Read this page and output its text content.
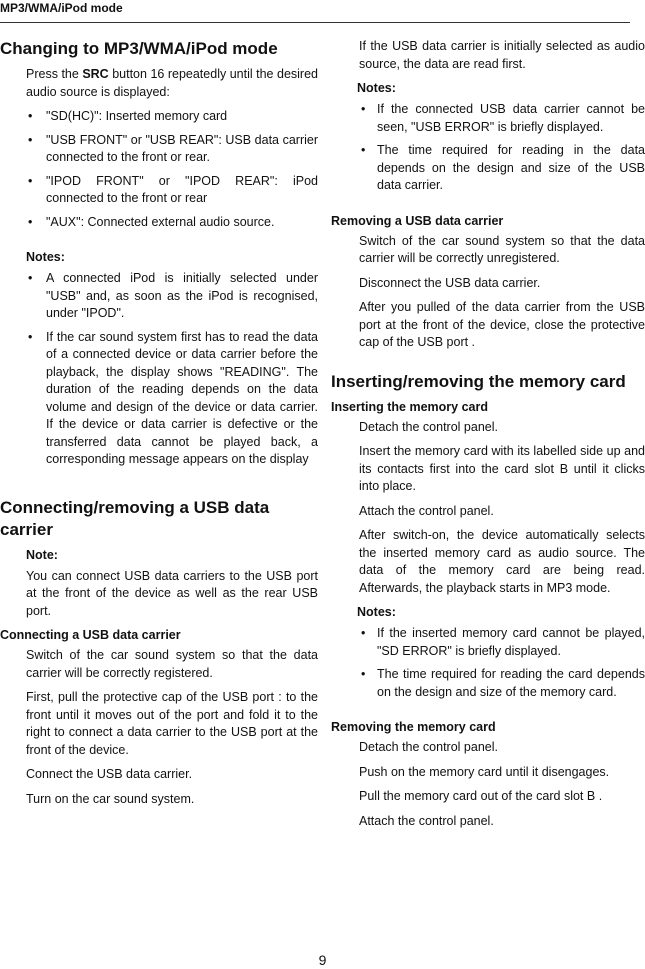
MP3/WMA/iPod mode
Changing to MP3/WMA/iPod mode
Press the SRC button 16 repeatedly until the desired audio source is displayed:
• "SD(HC)": Inserted memory card
• "USB FRONT" or "USB REAR": USB data carrier connected to the front or rear.
• "IPOD FRONT" or "IPOD REAR": iPod connected to the front or rear
• "AUX": Connected external audio source.
Notes:
• A connected iPod is initially selected under "USB" and, as soon as the iPod is recognised, under "IPOD".
• If the car sound system first has to read the data of a connected device or data carrier before the playback, the display shows "READING". The duration of the reading depends on the data volume and design of the device or data carrier. If the device or data carrier is defective or the transferred data cannot be played back, a corresponding message appears on the display
Connecting/removing a USB data carrier
Note:
You can connect USB data carriers to the USB port at the front of the device as well as the rear USB port.
Connecting a USB data carrier
Switch of the car sound system so that the data carrier will be correctly registered.
First, pull the protective cap of the USB port : to the front until it moves out of the port and fold it to the right to connect a data carrier to the USB port at the front of the device.
Connect the USB data carrier.
Turn on the car sound system.
If the USB data carrier is initially selected as audio source, the data are read first.
Notes:
• If the connected USB data carrier cannot be seen, "USB ERROR" is briefly displayed.
• The time required for reading in the data depends on the design and size of the USB data carrier.
Removing a USB data carrier
Switch of the car sound system so that the data carrier will be correctly unregistered.
Disconnect the USB data carrier.
After you pulled of the data carrier from the USB port at the front of the device, close the protective cap of the USB port .
Inserting/removing the memory card
Inserting the memory card
Detach the control panel.
Insert the memory card with its labelled side up and its contacts first into the card slot B until it clicks into place.
Attach the control panel.
After switch-on, the device automatically selects the inserted memory card as audio source. The data of the memory card are being read. Afterwards, the playback starts in MP3 mode.
Notes:
• If the inserted memory card cannot be played, "SD ERROR" is briefly displayed.
• The time required for reading the card depends on the design and size of the memory card.
Removing the memory card
Detach the control panel.
Push on the memory card until it disengages.
Pull the memory card out of the card slot B .
Attach the control panel.
9
